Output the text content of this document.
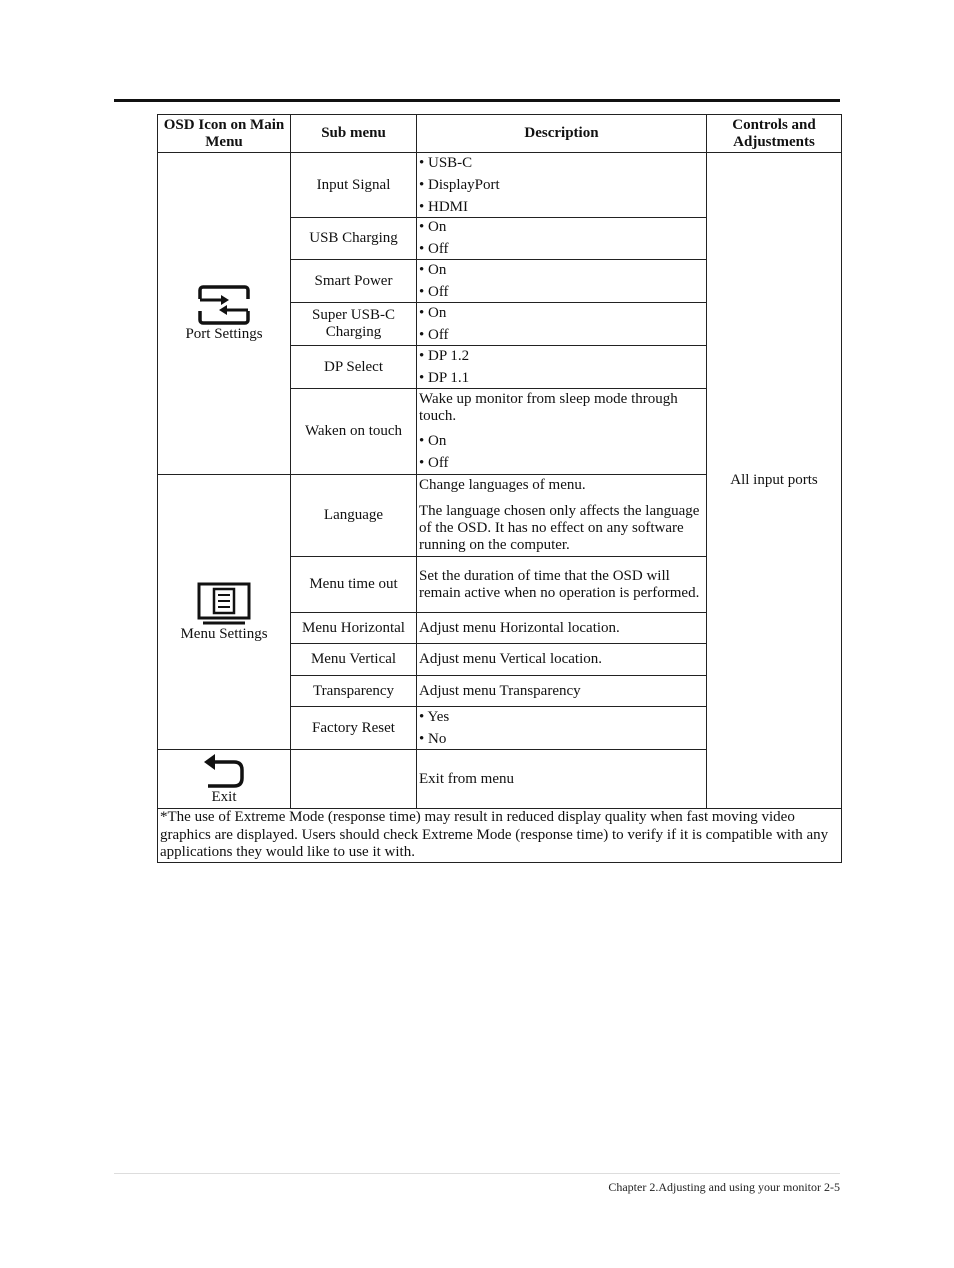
OSD Icon on Main Menu	Sub menu	Description	Controls and Adjustments

Port Settings	Input Signal	• USB-C
• DisplayPort
• HDMI	All input ports
	USB Charging	• On
• Off	

	Smart Power	• On
• Off	

	Super USB-C Charging	• On
• Off	

	DP Select	• DP 1.2
• DP 1.1	

	Waken on touch	Wake up monitor from sleep mode through touch.
• On
• Off	

Menu Settings	Language	Change languages of menu.
The language chosen only affects the language of the OSD. It has no effect on any software running on the computer.	

	Menu time out	Set the duration of time that the OSD will remain active when no operation is performed.	

	Menu Horizontal	Adjust menu Horizontal location.	
	Menu Vertical	Adjust menu Vertical location.	
	Transparency	Adjust menu Transparency	
	Factory Reset	• Yes
• No	

Exit		Exit from menu	
*The use of Extreme Mode (response time) may result in reduced display quality when fast moving video graphics are displayed. Users should check Extreme Mode (response time) to verify if it is compatible with any applications they would like to use it with.			
Chapter 2.Adjusting and using your monitor 2-5
